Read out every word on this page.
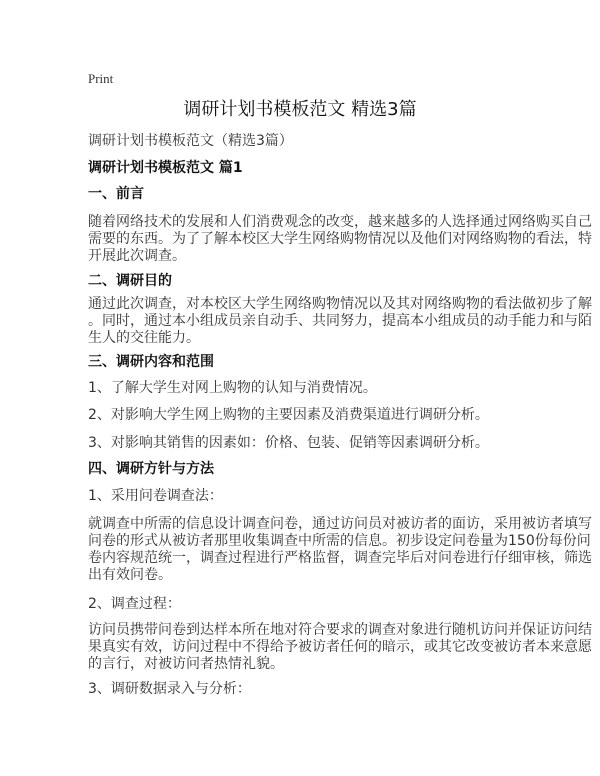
Print
调研计划书模板范文 精选3篇
调研计划书模板范文（精选3篇）
调研计划书模板范文 篇1
一、前言
随着网络技术的发展和人们消费观念的改变，越来越多的人选择通过网络购买自己
需要的东西。为了了解本校区大学生网络购物情况以及他们对网络购物的看法，特
开展此次调查。
二、调研目的
通过此次调查，对本校区大学生网络购物情况以及其对网络购物的看法做初步了解
。同时，通过本小组成员亲自动手、共同努力，提高本小组成员的动手能力和与陌
生人的交往能力。
三、调研内容和范围
1、了解大学生对网上购物的认知与消费情况。
2、对影响大学生网上购物的主要因素及消费渠道进行调研分析。
3、对影响其销售的因素如：价格、包装、促销等因素调研分析。
四、调研方针与方法
1、采用问卷调查法：
就调查中所需的信息设计调查问卷，通过访问员对被访者的面访，采用被访者填写
问卷的形式从被访者那里收集调查中所需的信息。初步设定问卷量为150份每份问
卷内容规范统一，调查过程进行严格监督，调查完毕后对问卷进行仔细审核，筛选
出有效问卷。
2、调查过程：
访问员携带问卷到达样本所在地对符合要求的调查对象进行随机访问并保证访问结
果真实有效，访问过程中不得给予被访者任何的暗示，或其它改变被访者本来意愿
的言行，对被访问者热情礼貌。
3、调研数据录入与分析：
